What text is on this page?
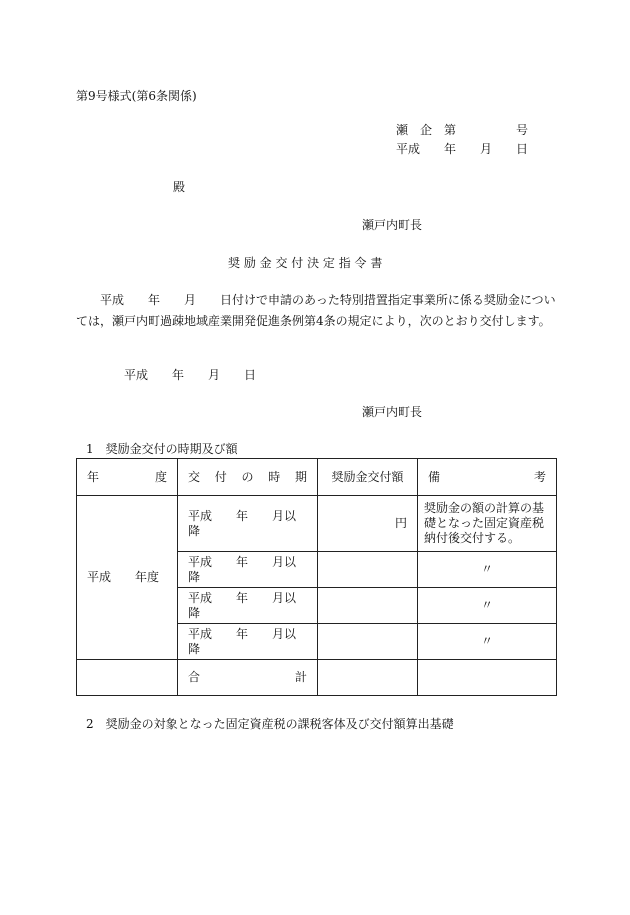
第9号様式(第6条関係)
瀬　企　第　　　　　号
平成　　年　　月　　日
殿
瀬戸内町長
奨 励 金 交 付 決 定 指 令 書
平成　　年　　月　　日付けで申請のあった特別措置指定事業所に係る奨励金については，瀬戸内町過疎地域産業開発促進条例第4条の規定により，次のとおり交付します。
平成　　年　　月　　日
瀬戸内町長
1　奨励金交付の時期及び額
年 度	交 付 の 時 期	奨励金交付額	備 考

平成　　年度	平成　　年　　月以降	円	奨励金の額の計算の基礎となった固定資産税納付後交付する。
	平成　　年　　月以降		〃
	平成　　年　　月以降		〃
	平成　　年　　月以降		〃

	合 計		

2　奨励金の対象となった固定資産税の課税客体及び交付額算出基礎
